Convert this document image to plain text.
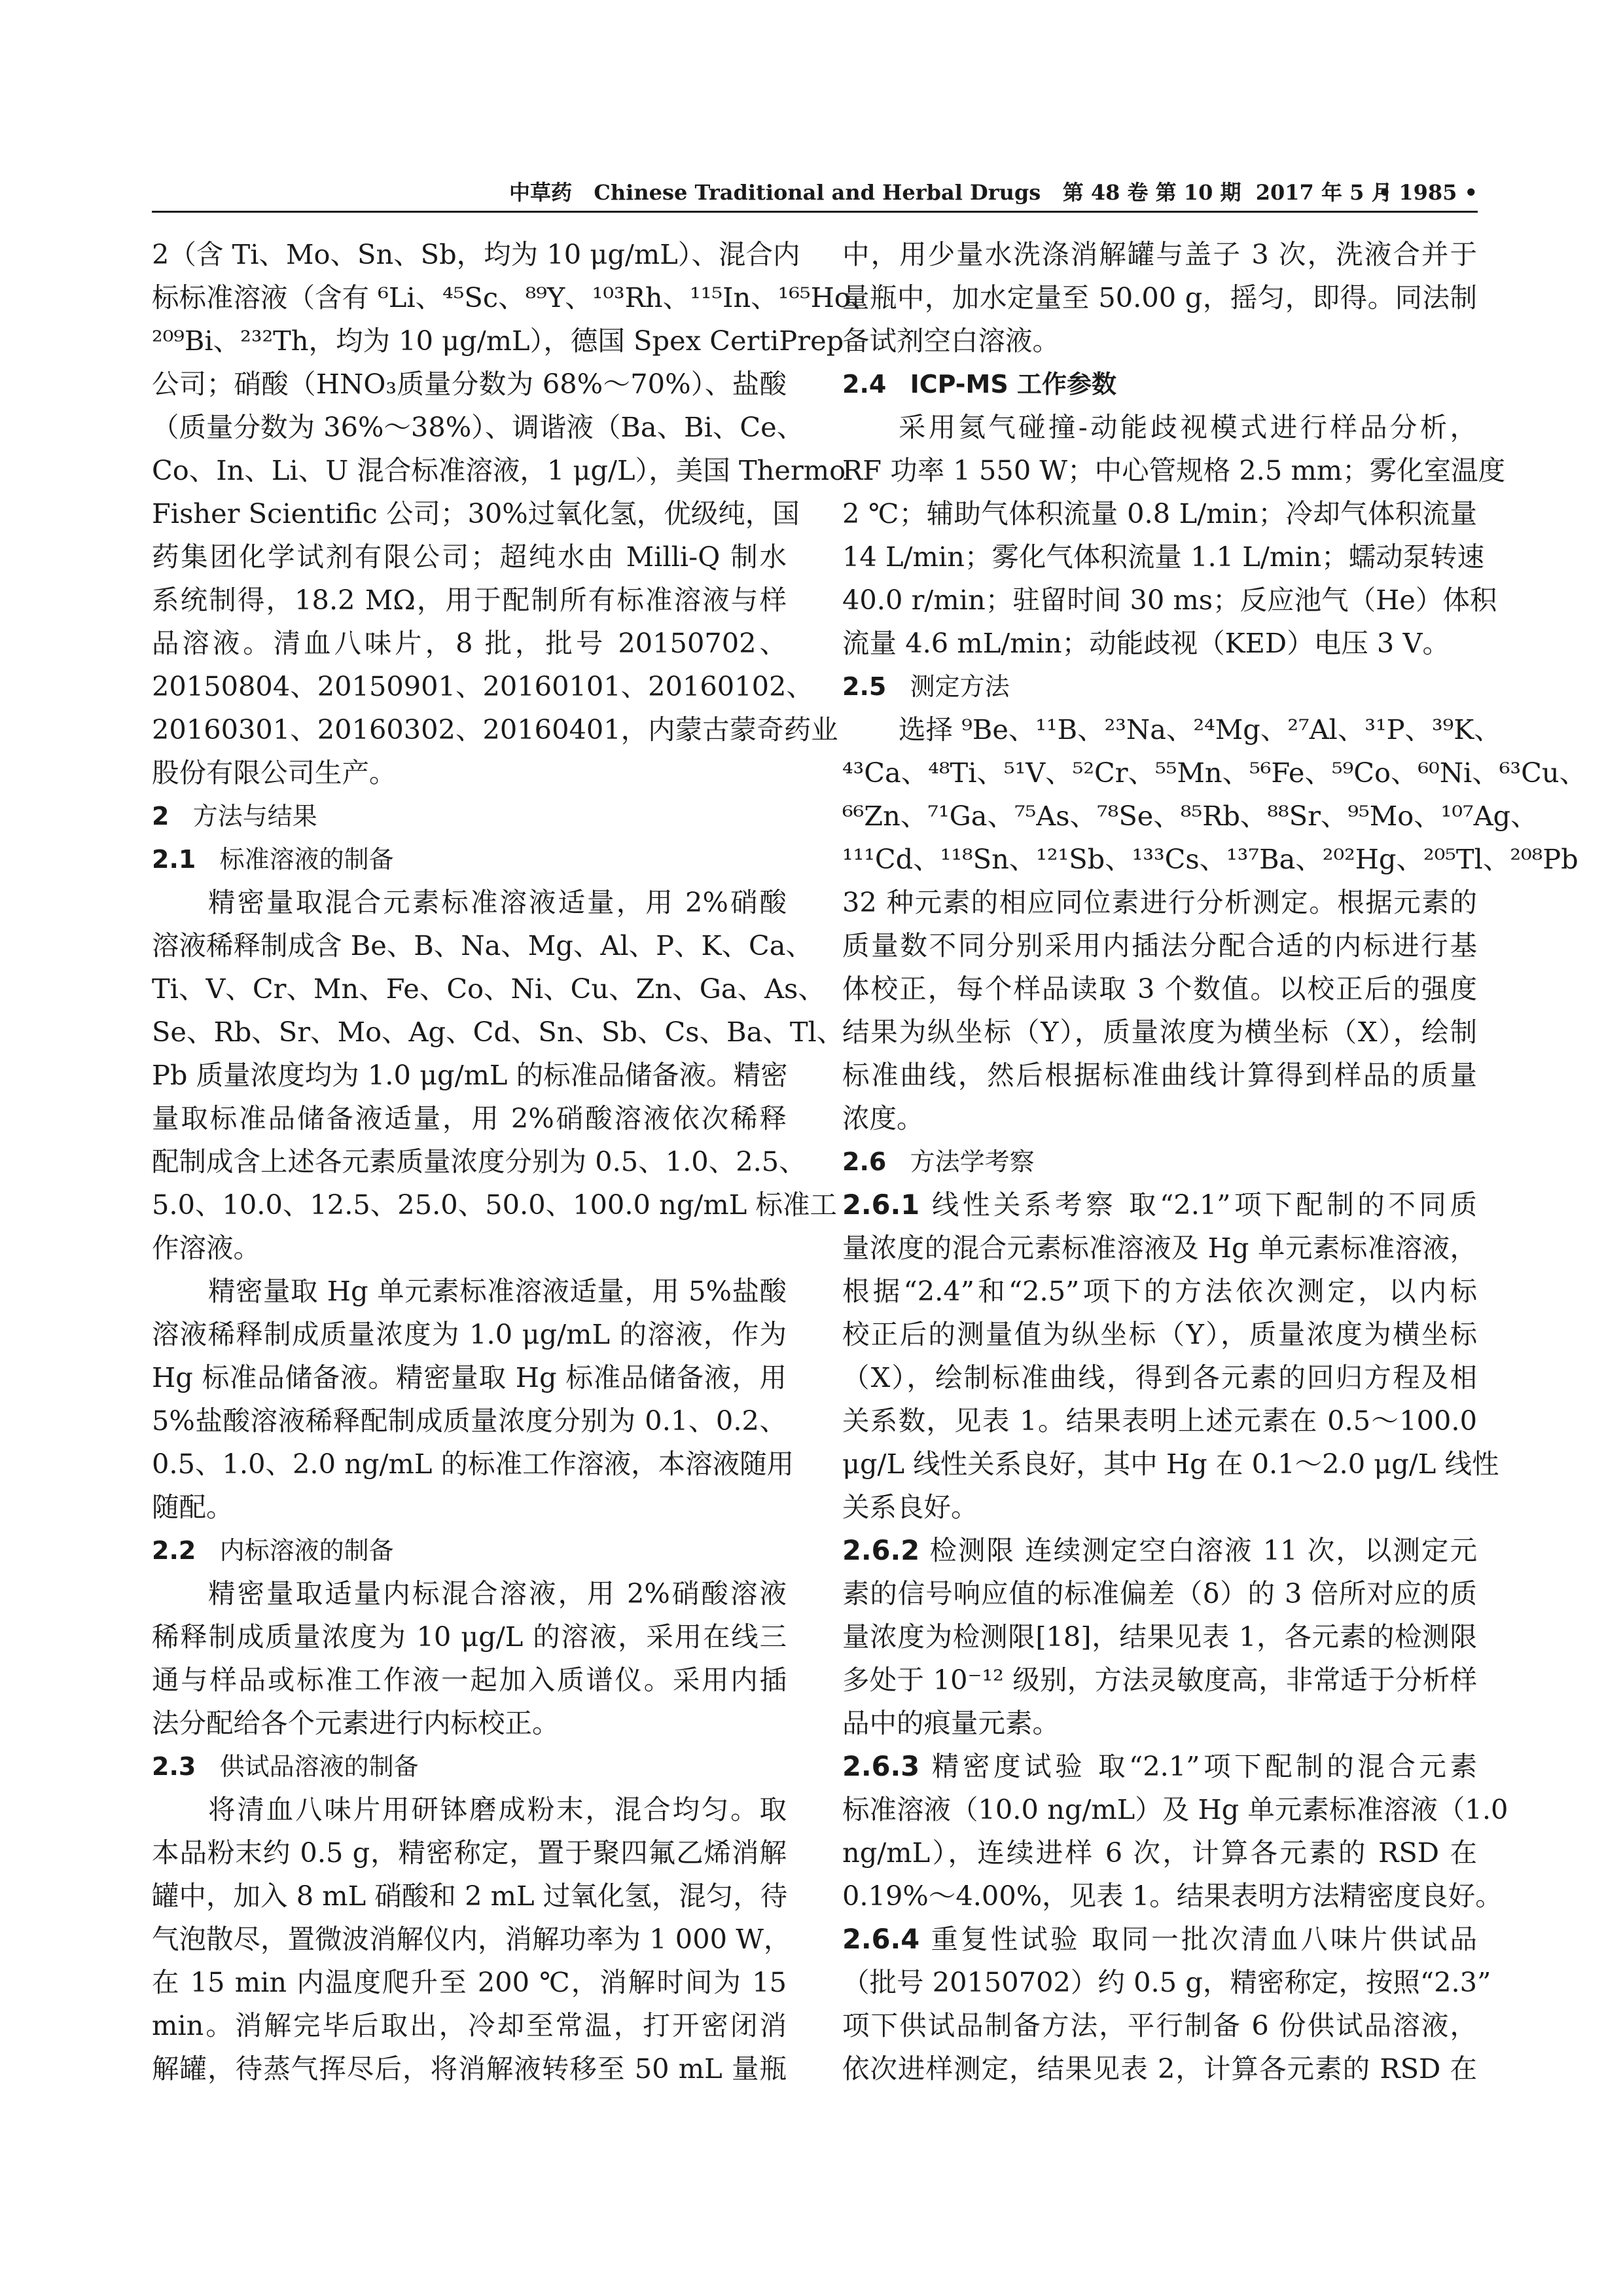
中草药   Chinese Traditional and Herbal Drugs   第 48 卷 第 10 期  2017 年 5 月
• 1985 •
2（含 Ti、Mo、Sn、Sb，均为 10 μg/mL）、混合内
标标准溶液（含有 ⁶Li、⁴⁵Sc、⁸⁹Y、¹⁰³Rh、¹¹⁵In、¹⁶⁵Ho、
²⁰⁹Bi、²³²Th，均为 10 μg/mL），德国 Spex CertiPrep
公司；硝酸（HNO₃质量分数为 68%～70%）、盐酸
（质量分数为 36%～38%）、调谐液（Ba、Bi、Ce、
Co、In、Li、U 混合标准溶液，1 μg/L），美国 Thermo
Fisher Scientific 公司；30%过氧化氢，优级纯，国
药集团化学试剂有限公司；超纯水由 Milli-Q 制水
系统制得，18.2 MΩ，用于配制所有标准溶液与样
品溶液。清血八味片，8 批，批号 20150702、
20150804、20150901、20160101、20160102、
20160301、20160302、20160401，内蒙古蒙奇药业
股份有限公司生产。
2 方法与结果
2.1 标准溶液的制备
精密量取混合元素标准溶液适量，用 2%硝酸
溶液稀释制成含 Be、B、Na、Mg、Al、P、K、Ca、
Ti、V、Cr、Mn、Fe、Co、Ni、Cu、Zn、Ga、As、
Se、Rb、Sr、Mo、Ag、Cd、Sn、Sb、Cs、Ba、Tl、
Pb 质量浓度均为 1.0 μg/mL 的标准品储备液。精密
量取标准品储备液适量，用 2%硝酸溶液依次稀释
配制成含上述各元素质量浓度分别为 0.5、1.0、2.5、
5.0、10.0、12.5、25.0、50.0、100.0 ng/mL 标准工
作溶液。
精密量取 Hg 单元素标准溶液适量，用 5%盐酸
溶液稀释制成质量浓度为 1.0 μg/mL 的溶液，作为
Hg 标准品储备液。精密量取 Hg 标准品储备液，用
5%盐酸溶液稀释配制成质量浓度分别为 0.1、0.2、
0.5、1.0、2.0 ng/mL 的标准工作溶液，本溶液随用
随配。
2.2 内标溶液的制备
精密量取适量内标混合溶液，用 2%硝酸溶液
稀释制成质量浓度为 10 μg/L 的溶液，采用在线三
通与样品或标准工作液一起加入质谱仪。采用内插
法分配给各个元素进行内标校正。
2.3 供试品溶液的制备
将清血八味片用研钵磨成粉末，混合均匀。取
本品粉末约 0.5 g，精密称定，置于聚四氟乙烯消解
罐中，加入 8 mL 硝酸和 2 mL 过氧化氢，混匀，待
气泡散尽，置微波消解仪内，消解功率为 1 000 W，
在 15 min 内温度爬升至 200 ℃，消解时间为 15
min。消解完毕后取出，冷却至常温，打开密闭消
解罐，待蒸气挥尽后，将消解液转移至 50 mL 量瓶
中，用少量水洗涤消解罐与盖子 3 次，洗液合并于
量瓶中，加水定量至 50.00 g，摇匀，即得。同法制
备试剂空白溶液。
2.4 ICP-MS 工作参数
采用氦气碰撞-动能歧视模式进行样品分析，
RF 功率 1 550 W；中心管规格 2.5 mm；雾化室温度
2 ℃；辅助气体积流量 0.8 L/min；冷却气体积流量
14 L/min；雾化气体积流量 1.1 L/min；蠕动泵转速
40.0 r/min；驻留时间 30 ms；反应池气（He）体积
流量 4.6 mL/min；动能歧视（KED）电压 3 V。
2.5 测定方法
选择 ⁹Be、¹¹B、²³Na、²⁴Mg、²⁷Al、³¹P、³⁹K、
⁴³Ca、⁴⁸Ti、⁵¹V、⁵²Cr、⁵⁵Mn、⁵⁶Fe、⁵⁹Co、⁶⁰Ni、⁶³Cu、
⁶⁶Zn、⁷¹Ga、⁷⁵As、⁷⁸Se、⁸⁵Rb、⁸⁸Sr、⁹⁵Mo、¹⁰⁷Ag、
¹¹¹Cd、¹¹⁸Sn、¹²¹Sb、¹³³Cs、¹³⁷Ba、²⁰²Hg、²⁰⁵Tl、²⁰⁸Pb
32 种元素的相应同位素进行分析测定。根据元素的
质量数不同分别采用内插法分配合适的内标进行基
体校正，每个样品读取 3 个数值。以校正后的强度
结果为纵坐标（Y），质量浓度为横坐标（X），绘制
标准曲线，然后根据标准曲线计算得到样品的质量
浓度。
2.6 方法学考察
2.6.1 线性关系考察 取“2.1”项下配制的不同质
量浓度的混合元素标准溶液及 Hg 单元素标准溶液，
根据“2.4”和“2.5”项下的方法依次测定，以内标
校正后的测量值为纵坐标（Y），质量浓度为横坐标
（X），绘制标准曲线，得到各元素的回归方程及相
关系数，见表 1。结果表明上述元素在 0.5～100.0
μg/L 线性关系良好，其中 Hg 在 0.1～2.0 μg/L 线性
关系良好。
2.6.2 检测限 连续测定空白溶液 11 次，以测定元
素的信号响应值的标准偏差（δ）的 3 倍所对应的质
量浓度为检测限[18]，结果见表 1，各元素的检测限
多处于 10⁻¹² 级别，方法灵敏度高，非常适于分析样
品中的痕量元素。
2.6.3 精密度试验 取“2.1”项下配制的混合元素
标准溶液（10.0 ng/mL）及 Hg 单元素标准溶液（1.0
ng/mL），连续进样 6 次，计算各元素的 RSD 在
0.19%～4.00%，见表 1。结果表明方法精密度良好。
2.6.4 重复性试验 取同一批次清血八味片供试品
（批号 20150702）约 0.5 g，精密称定，按照“2.3”
项下供试品制备方法，平行制备 6 份供试品溶液，
依次进样测定，结果见表 2，计算各元素的 RSD 在
